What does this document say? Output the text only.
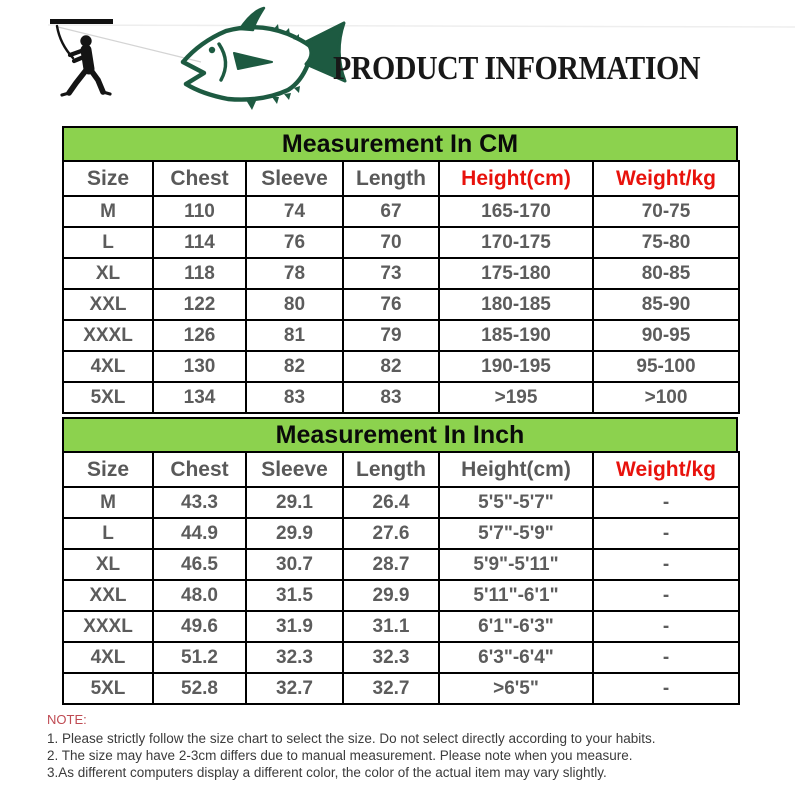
PRODUCT INFORMATION
Measurement In CM
Size	Chest	Sleeve	Length	Height(cm)	Weight/kg
M	110	74	67	165-170	70-75
L	114	76	70	170-175	75-80
XL	118	78	73	175-180	80-85
XXL	122	80	76	180-185	85-90
XXXL	126	81	79	185-190	90-95
4XL	130	82	82	190-195	95-100
5XL	134	83	83	>195	>100
Measurement In Inch
Size	Chest	Sleeve	Length	Height(cm)	Weight/kg
M	43.3	29.1	26.4	5'5"-5'7"	-
L	44.9	29.9	27.6	5'7"-5'9"	-
XL	46.5	30.7	28.7	5'9"-5'11"	-
XXL	48.0	31.5	29.9	5'11"-6'1"	-
XXXL	49.6	31.9	31.1	6'1"-6'3"	-
4XL	51.2	32.3	32.3	6'3"-6'4"	-
5XL	52.8	32.7	32.7	>6'5"	-

NOTE:

1. Please strictly follow the size chart to select the size. Do not select directly according to your habits.

2. The size may have 2-3cm differs due to manual measurement. Please note when you measure.

3.As different computers display a different color, the color of the actual item may vary slightly.
